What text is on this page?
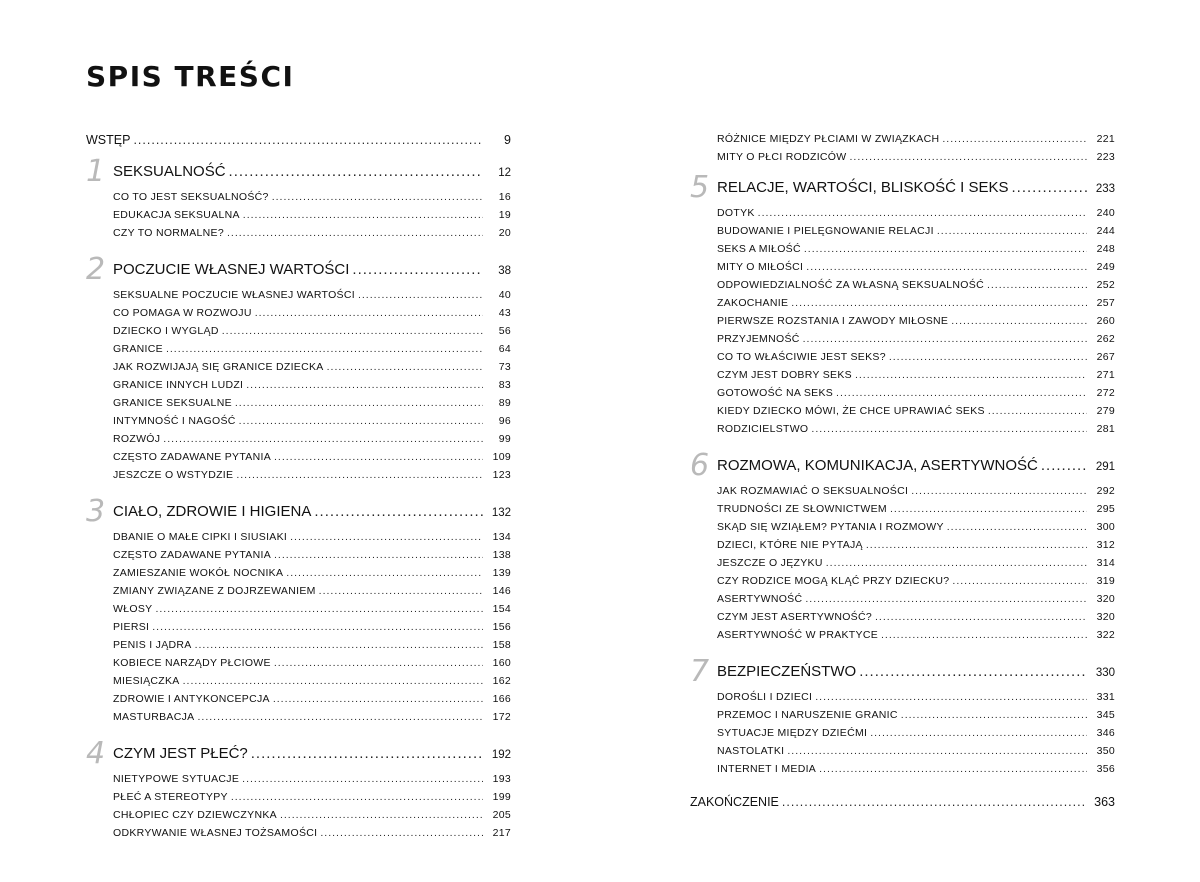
SPIS TREŚCI
WSTĘP .....	9
1 SEKSUALNOŚĆ .....	12
CO TO JEST SEKSUALNOŚĆ? .....	16
EDUKACJA SEKSUALNA .....	19
CZY TO NORMALNE? .....	20
2 POCZUCIE WŁASNEJ WARTOŚCI .....	38
SEKSUALNE POCZUCIE WŁASNEJ WARTOŚCI .....	40
CO POMAGA W ROZWOJU .....	43
DZIECKO I WYGLĄD .....	56
GRANICE .....	64
JAK ROZWIJAJĄ SIĘ GRANICE DZIECKA .....	73
GRANICE INNYCH LUDZI .....	83
GRANICE SEKSUALNE .....	89
INTYMNOŚĆ I NAGOŚĆ .....	96
ROZWÓJ .....	99
CZĘSTO ZADAWANE PYTANIA .....	109
JESZCZE O WSTYDZIE .....	123
3 CIAŁO, ZDROWIE I HIGIENA .....	132
DBANIE O MAŁE CIPKI I SIUSIAKI .....	134
CZĘSTO ZADAWANE PYTANIA .....	138
ZAMIESZANIE WOKÓŁ NOCNIKA .....	139
ZMIANY ZWIĄZANE Z DOJRZEWANIEM .....	146
WŁOSY .....	154
PIERSI .....	156
PENIS I JĄDRA .....	158
KOBIECE NARZĄDY PŁCIOWE .....	160
MIESIĄCZKA .....	162
ZDROWIE I ANTYKONCEPCJA .....	166
MASTURBACJA .....	172
4 CZYM JEST PŁEĆ? .....	192
NIETYPOWE SYTUACJE .....	193
PŁEĆ A STEREOTYPY .....	199
CHŁOPIEC CZY DZIEWCZYNKA .....	205
ODKRYWANIE WŁASNEJ TOŻSAMOŚCI .....	217
RÓŻNICE MIĘDZY PŁCIAMI W ZWIĄZKACH .....	221
MITY O PŁCI RODZICÓW .....	223
5 RELACJE, WARTOŚCI, BLISKOŚĆ I SEKS .....	233
DOTYK .....	240
BUDOWANIE I PIELĘGNOWANIE RELACJI .....	244
SEKS A MIŁOŚĆ .....	248
MITY O MIŁOŚCI .....	249
ODPOWIEDZIALNOŚĆ ZA WŁASNĄ SEKSUALNOŚĆ .....	252
ZAKOCHANIE .....	257
PIERWSZE ROZSTANIA I ZAWODY MIŁOSNE .....	260
PRZYJEMNOŚĆ .....	262
CO TO WŁAŚCIWIE JEST SEKS? .....	267
CZYM JEST DOBRY SEKS .....	271
GOTOWOŚĆ NA SEKS .....	272
KIEDY DZIECKO MÓWI, ŻE CHCE UPRAWIAĆ SEKS .....	279
RODZICIELSTWO .....	281
6 ROZMOWA, KOMUNIKACJA, ASERTYWNOŚĆ .....	291
JAK ROZMAWIAĆ O SEKSUALNOŚCI .....	292
TRUDNOŚCI ZE SŁOWNICTWEM .....	295
SKĄD SIĘ WZIĄŁEM? PYTANIA I ROZMOWY .....	300
DZIECI, KTÓRE NIE PYTAJĄ .....	312
JESZCZE O JĘZYKU .....	314
CZY RODZICE MOGĄ KLĄĆ PRZY DZIECKU? .....	319
ASERTYWNOŚĆ .....	320
CZYM JEST ASERTYWNOŚĆ? .....	320
ASERTYWNOŚĆ W PRAKTYCE .....	322
7 BEZPIECZEŃSTWO .....	330
DOROŚLI I DZIECI .....	331
PRZEMOC I NARUSZENIE GRANIC .....	345
SYTUACJE MIĘDZY DZIEĆMI .....	346
NASTOLATKI .....	350
INTERNET I MEDIA .....	356
ZAKOŃCZENIE .....	363
